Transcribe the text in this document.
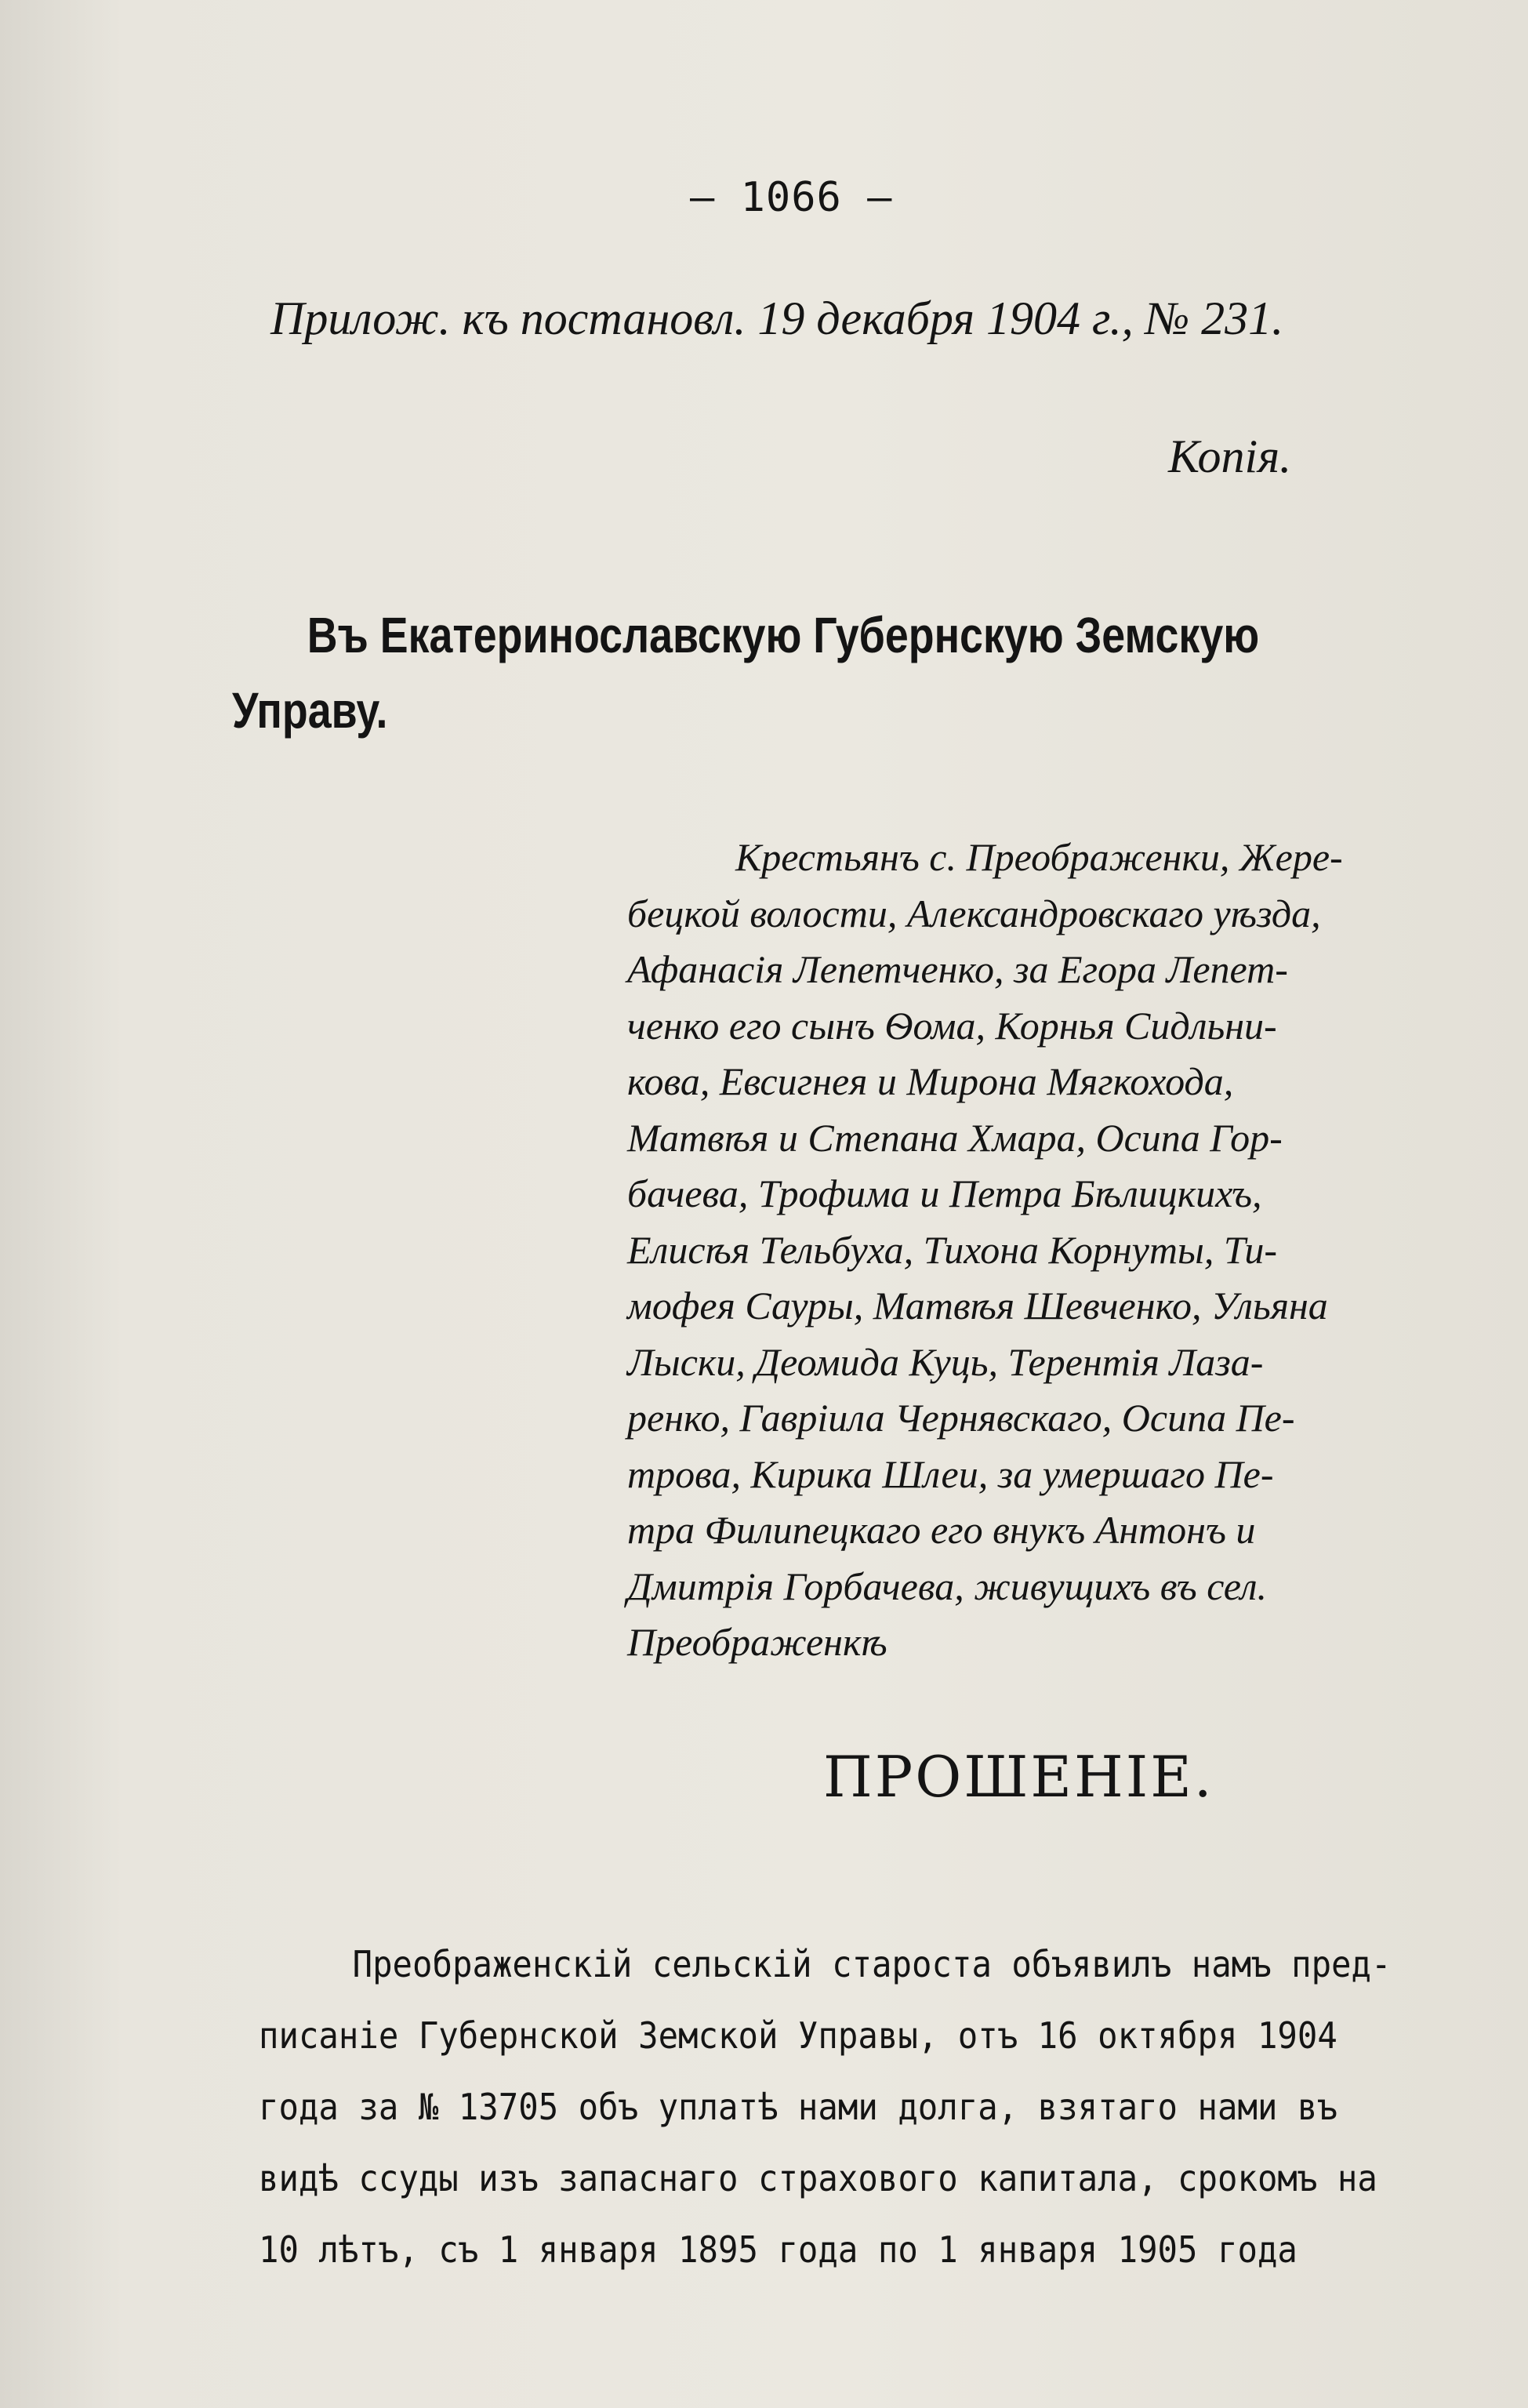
— 1066 —
Прилож. къ постановл. 19 декабря 1904 г., № 231.
Копія.
Въ Екатеринославскую Губернскую Земскую
Управу.
Крестьянъ с. Преображенки, Жере-
бецкой волости, Александровскаго уѣзда,
Афанасія Лепетченко, за Егора Лепет-
ченко его сынъ Ѳома, Корнья Сидльни-
кова, Евсигнея и Мирона Мягкохода,
Матвѣя и Степана Хмара, Осипа Гор-
бачева, Трофима и Петра Бѣлицкихъ,
Елисѣя Тельбуха, Тихона Корнуты, Ти-
мофея Сауры, Матвѣя Шевченко, Ульяна
Лыски, Деомида Куць, Терентія Лаза-
ренко, Гавріила Чернявскаго, Осипа Пе-
трова, Кирика Шлеи, за умершаго Пе-
тра Филипецкаго его внукъ Антонъ и
Дмитрія Горбачева, живущихъ въ сел.
Преображенкѣ
ПРОШЕНІЕ.
Преображенскій сельскій староста объявилъ намъ пред-
писаніе Губернской Земской Управы, отъ 16 октября 1904
года за № 13705 объ уплатѣ нами долга, взятаго нами въ
видѣ ссуды изъ запаснаго страхового капитала, срокомъ на
10 лѣтъ, съ 1 января 1895 года по 1 января 1905 года
